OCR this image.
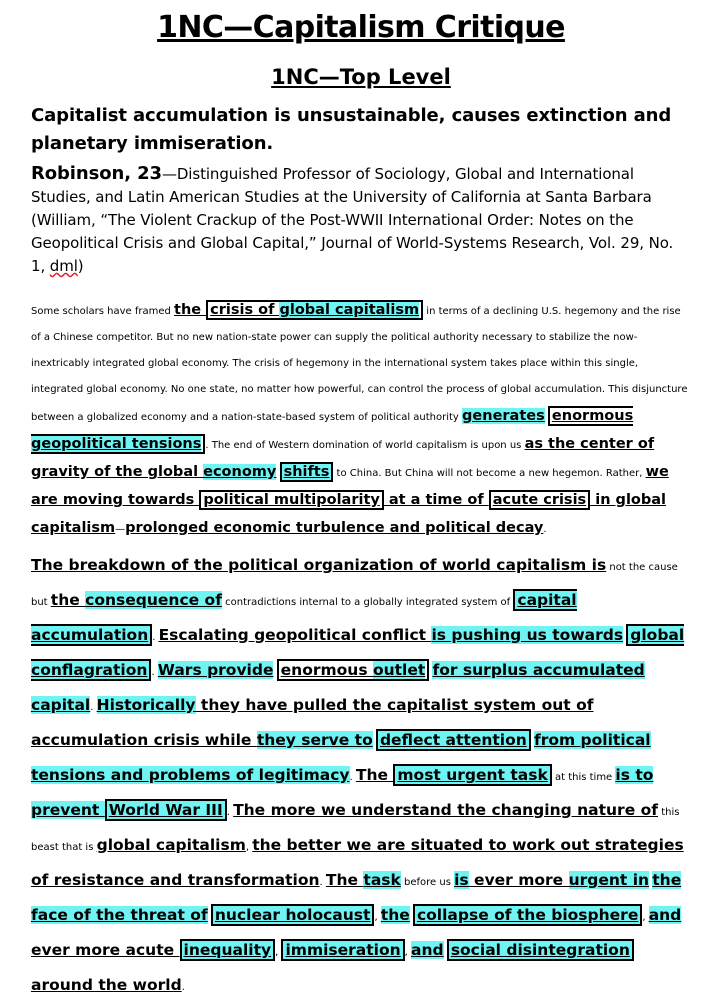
1NC—Capitalism Critique
1NC—Top Level
Capitalist accumulation is unsustainable, causes extinction and planetary immiseration.
Robinson, 23—Distinguished Professor of Sociology, Global and International Studies, and Latin American Studies at the University of California at Santa Barbara (William, “The Violent Crackup of the Post-WWII International Order: Notes on the Geopolitical Crisis and Global Capital,” Journal of World-Systems Research, Vol. 29, No. 1, dml)
Some scholars have framed the crisis of global capitalism in terms of a declining U.S. hegemony and the rise of a Chinese competitor. But no new nation-state power can supply the political authority necessary to stabilize the now-inextricably integrated global economy. The crisis of hegemony in the international system takes place within this single, integrated global economy. No one state, no matter how powerful, can control the process of global accumulation. This disjuncture between a globalized economy and a nation-state-based system of political authority generates enormous geopolitical tensions . The end of Western domination of world capitalism is upon us as the center of gravity of the global economy shifts to China. But China will not become a new hegemon. Rather, we are moving towards political multipolarity at a time of acute crisis in global capitalism—prolonged economic turbulence and political decay.
The breakdown of the political organization of world capitalism is not the cause but the consequence of contradictions internal to a globally integrated system of capital accumulation . Escalating geopolitical conflict is pushing us towards global conflagration . Wars provide enormous outlet for surplus accumulated capital. Historically they have pulled the capitalist system out of accumulation crisis while they serve to deflect attention from political tensions and problems of legitimacy. The most urgent task at this time is to prevent World War III . The more we understand the changing nature of this beast that is global capitalism, the better we are situated to work out strategies of resistance and transformation. The task before us is ever more urgent in the face of the threat of nuclear holocaust , the collapse of the biosphere , and ever more acute inequality , immiseration , and social disintegration around the world.
